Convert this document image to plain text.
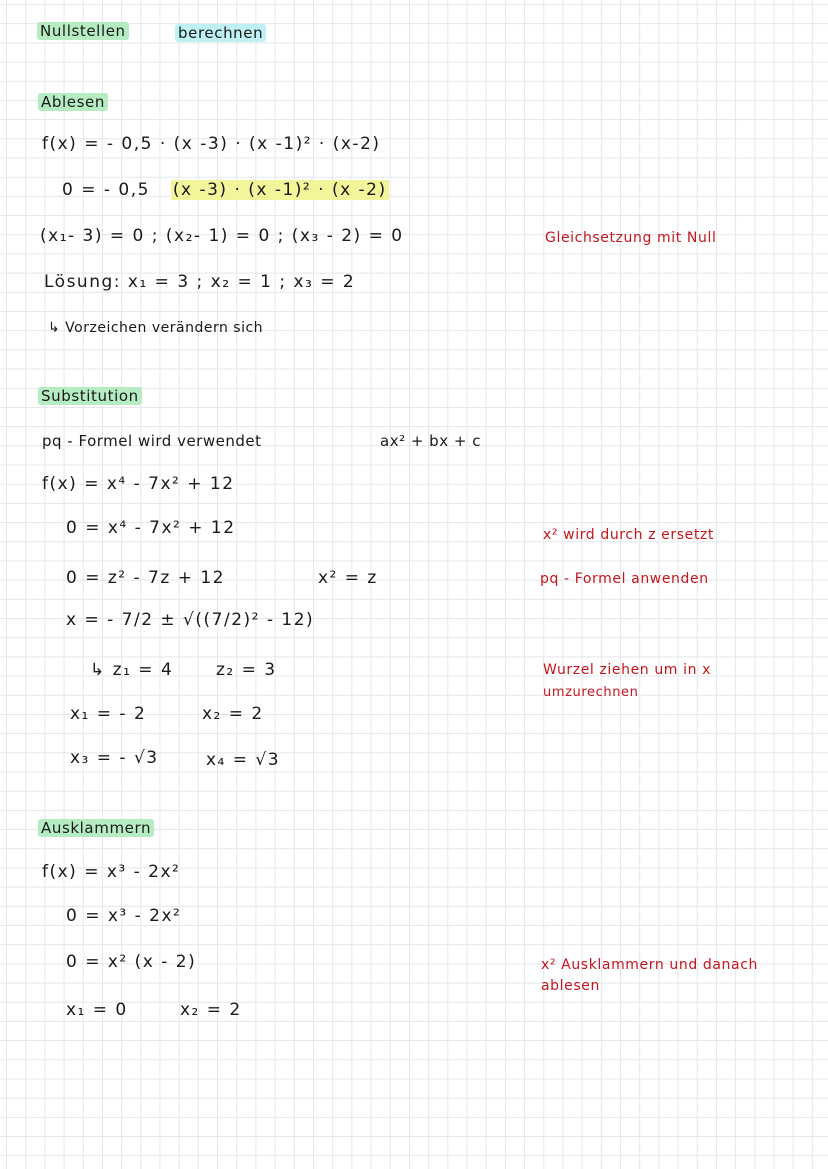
Nullstellen	berechnen
Ablesen
f(x) = - 0,5 · (x -3) · (x -1)² · (x-2)
0 = - 0,5 (x -3) · (x -1)² · (x -2)
(x₁- 3) = 0 ; (x₂- 1) = 0 ; (x₃ - 2) = 0
Lösung: x₁ = 3 ; x₂ = 1 ; x₃ = 2
↳ Vorzeichen verändern sich
Gleichsetzung mit Null
Substitution
pq - Formel wird verwendet	ax² + bx + c
f(x) = x⁴ - 7x² + 12
0 = x⁴ - 7x² + 12
0 = z² - 7z + 12	x² = z
x = - 7/2 ± √((7/2)² - 12)
↳ z₁ = 4	z₂ = 3
x₁ = - 2	x₂ = 2
x₃ = - √3	x₄ = √3
x² wird durch z ersetzt
pq - Formel anwenden
Wurzel ziehen um in x
umzurechnen
Ausklammern
f(x) = x³ - 2x²
0 = x³ - 2x²
0 = x² (x - 2)
x₁ = 0	x₂ = 2
x² Ausklammern und danach
ablesen
